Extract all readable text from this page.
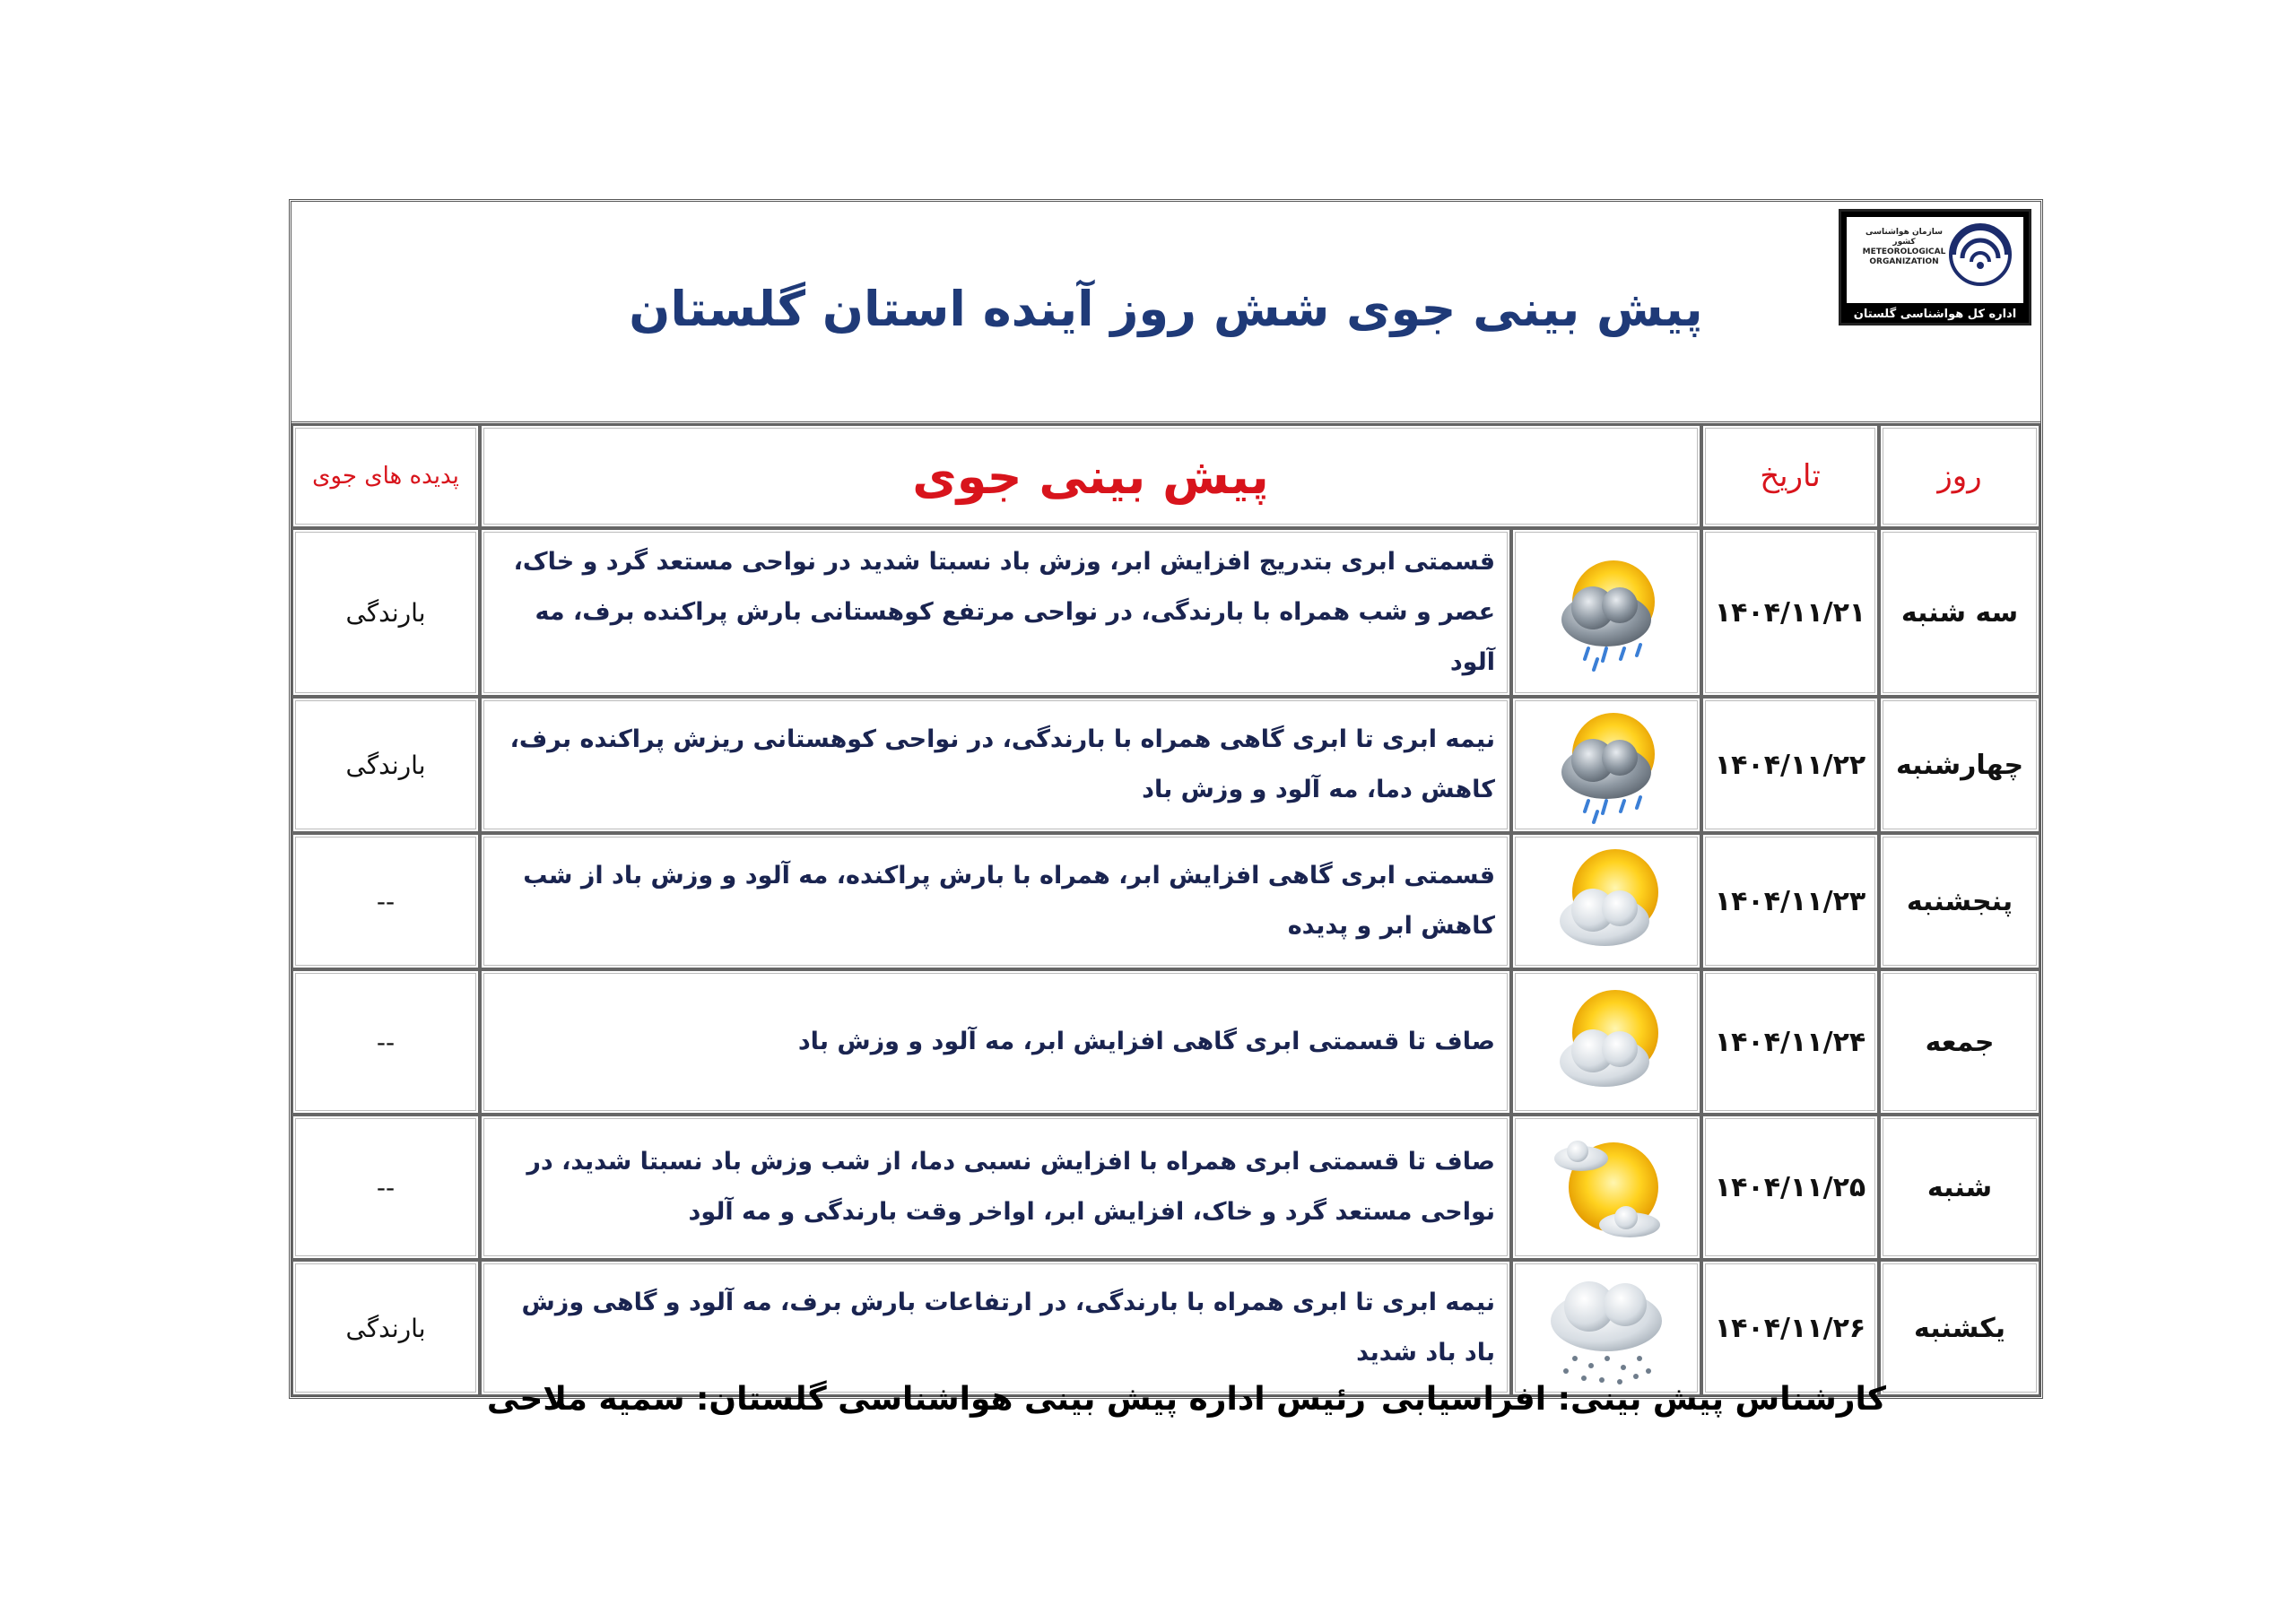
پیش بینی جوی شش روز آینده استان گلستان
سازمان هواشناسی کشور METEOROLOGICAL ORGANIZATION
اداره کل هواشناسی گلستان
روز	تاریخ	پیش بینی جوی		پدیده های جوی
سه شنبه	۱۴۰۴/۱۱/۲۱		قسمتی ابری بتدریج افزایش ابر، وزش باد نسبتا شدید در نواحی مستعد گرد و خاک، عصر و شب همراه با بارندگی، در نواحی مرتفع کوهستانی بارش پراکنده برف، مه آلود	بارندگی
چهارشنبه	۱۴۰۴/۱۱/۲۲		نیمه ابری تا ابری گاهی همراه با بارندگی، در نواحی کوهستانی ریزش پراکنده برف، کاهش دما، مه آلود و وزش باد	بارندگی
پنجشنبه	۱۴۰۴/۱۱/۲۳		قسمتی ابری گاهی افزایش ابر، همراه با بارش پراکنده، مه آلود و وزش باد از شب کاهش ابر و پدیده	--
جمعه	۱۴۰۴/۱۱/۲۴		صاف تا قسمتی ابری گاهی افزایش ابر، مه آلود و وزش باد	--
شنبه	۱۴۰۴/۱۱/۲۵		صاف تا قسمتی ابری همراه با افزایش نسبی دما، از شب وزش باد نسبتا شدید، در نواحی مستعد گرد و خاک، افزایش ابر، اواخر وقت بارندگی و مه آلود	--
یکشنبه	۱۴۰۴/۱۱/۲۶		نیمه ابری تا ابری همراه با بارندگی، در ارتفاعات بارش برف، مه آلود و گاهی وزش باد باد شدید	بارندگی
کارشناس پیش بینی: افراسیابی
رئیس اداره پیش بینی هواشناسی گلستان: سمیه ملاحی
